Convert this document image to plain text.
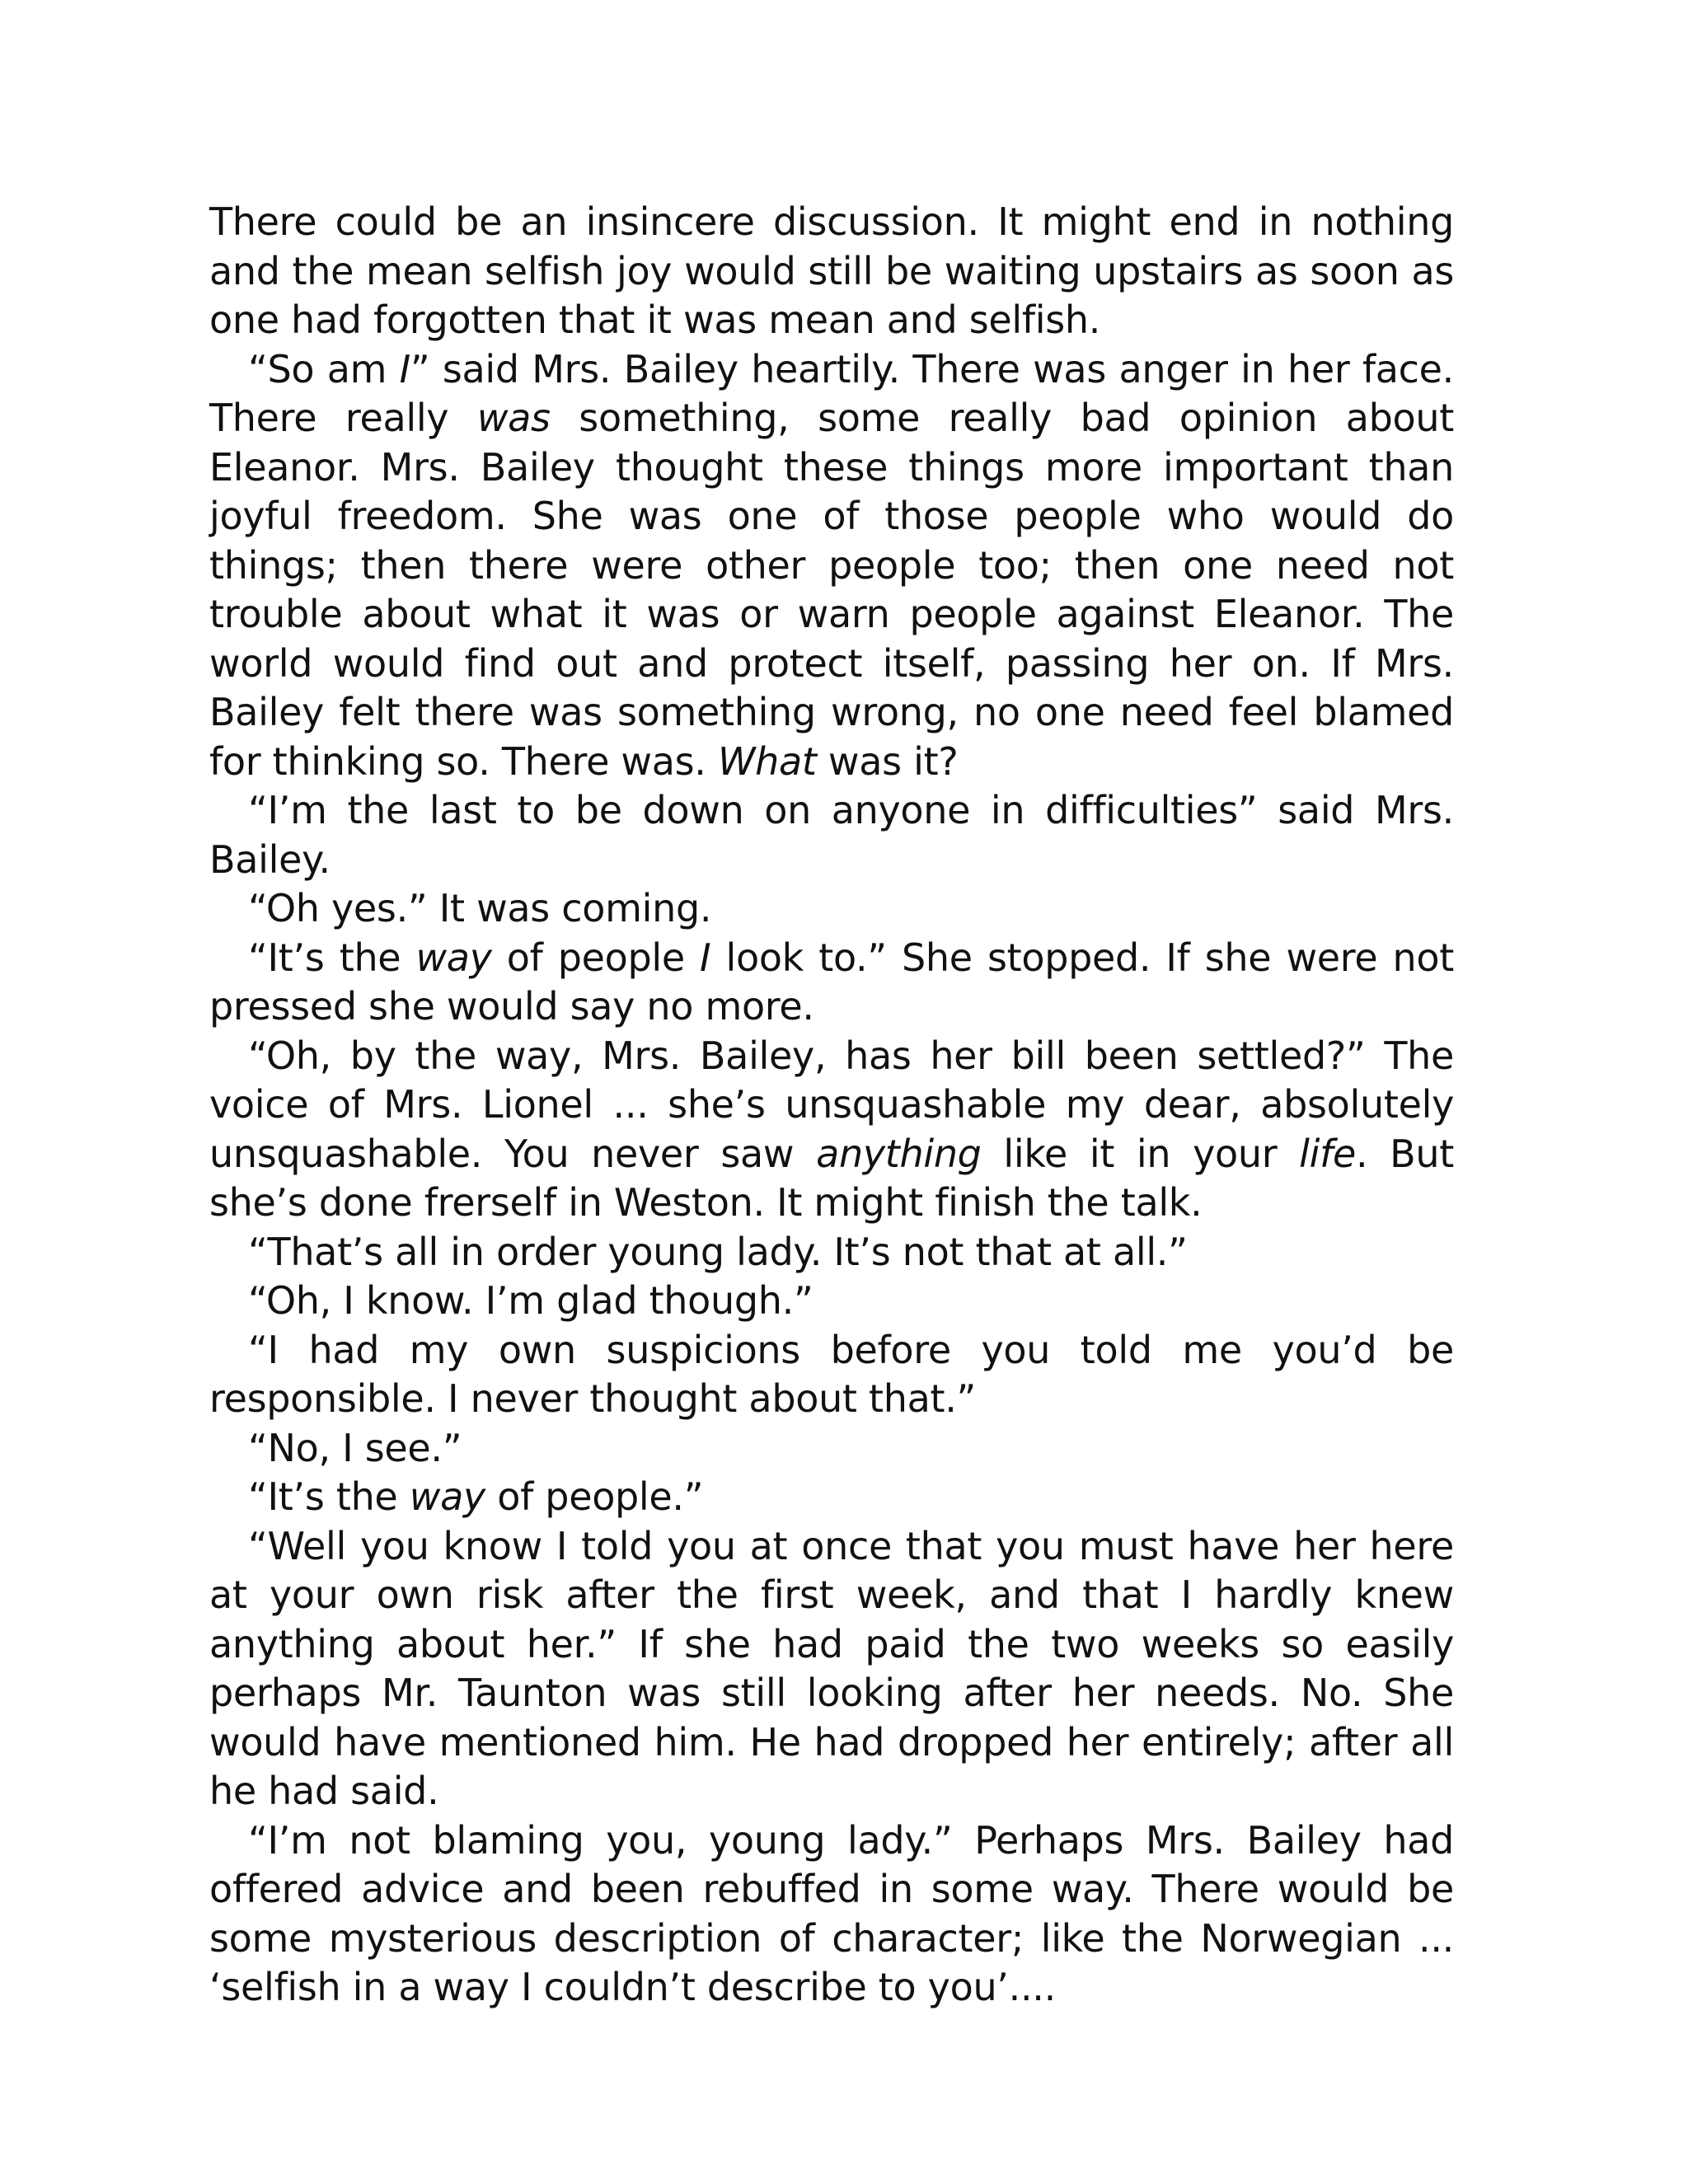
There could be an insincere discussion. It might end in nothing and the mean selfish joy would still be waiting upstairs as soon as one had forgotten that it was mean and selfish.

“So am I” said Mrs. Bailey heartily. There was anger in her face. There really was something, some really bad opinion about Eleanor. Mrs. Bailey thought these things more important than joyful freedom. She was one of those people who would do things; then there were other people too; then one need not trouble about what it was or warn people against Eleanor. The world would find out and protect itself, passing her on. If Mrs. Bailey felt there was something wrong, no one need feel blamed for thinking so. There was. What was it?

“I’m the last to be down on anyone in difficulties” said Mrs. Bailey.

“Oh yes.” It was coming.

“It’s the way of people I look to.” She stopped. If she were not pressed she would say no more.

“Oh, by the way, Mrs. Bailey, has her bill been settled?” The voice of Mrs. Lionel ... she’s unsquashable my dear, absolutely unsquashable. You never saw anything like it in your life. But she’s done frerself in Weston. It might finish the talk.

“That’s all in order young lady. It’s not that at all.”

“Oh, I know. I’m glad though.”

“I had my own suspicions before you told me you’d be responsible. I never thought about that.”

“No, I see.”

“It’s the way of people.”

“Well you know I told you at once that you must have her here at your own risk after the first week, and that I hardly knew anything about her.” If she had paid the two weeks so easily perhaps Mr. Taunton was still looking after her needs. No. She would have mentioned him. He had dropped her entirely; after all he had said.

“I’m not blaming you, young lady.” Perhaps Mrs. Bailey had offered advice and been rebuffed in some way. There would be some mysterious description of character; like the Norwegian ... ‘selfish in a way I couldn’t describe to you’....
